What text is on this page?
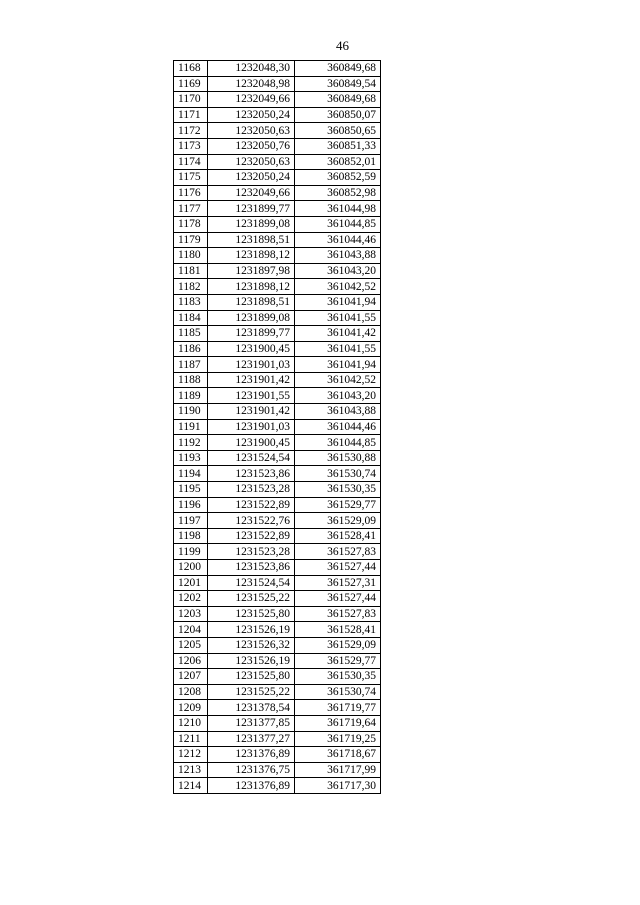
46
1168	1232048,30	360849,68
1169	1232048,98	360849,54
1170	1232049,66	360849,68
1171	1232050,24	360850,07
1172	1232050,63	360850,65
1173	1232050,76	360851,33
1174	1232050,63	360852,01
1175	1232050,24	360852,59
1176	1232049,66	360852,98
1177	1231899,77	361044,98
1178	1231899,08	361044,85
1179	1231898,51	361044,46
1180	1231898,12	361043,88
1181	1231897,98	361043,20
1182	1231898,12	361042,52
1183	1231898,51	361041,94
1184	1231899,08	361041,55
1185	1231899,77	361041,42
1186	1231900,45	361041,55
1187	1231901,03	361041,94
1188	1231901,42	361042,52
1189	1231901,55	361043,20
1190	1231901,42	361043,88
1191	1231901,03	361044,46
1192	1231900,45	361044,85
1193	1231524,54	361530,88
1194	1231523,86	361530,74
1195	1231523,28	361530,35
1196	1231522,89	361529,77
1197	1231522,76	361529,09
1198	1231522,89	361528,41
1199	1231523,28	361527,83
1200	1231523,86	361527,44
1201	1231524,54	361527,31
1202	1231525,22	361527,44
1203	1231525,80	361527,83
1204	1231526,19	361528,41
1205	1231526,32	361529,09
1206	1231526,19	361529,77
1207	1231525,80	361530,35
1208	1231525,22	361530,74
1209	1231378,54	361719,77
1210	1231377,85	361719,64
1211	1231377,27	361719,25
1212	1231376,89	361718,67
1213	1231376,75	361717,99
1214	1231376,89	361717,30
